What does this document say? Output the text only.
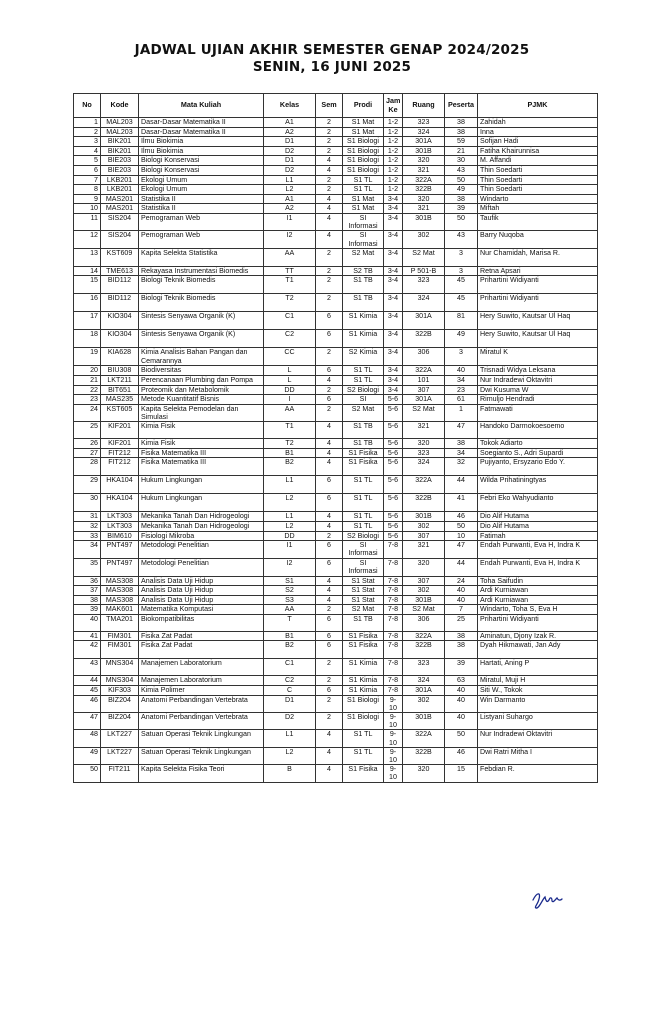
JADWAL UJIAN AKHIR SEMESTER GENAP 2024/2025
SENIN, 16 JUNI 2025
No	Kode	Mata Kuliah	Kelas	Sem	Prodi	Jam Ke	Ruang	Peserta	PJMK
1	MAL203	Dasar-Dasar Matematika II	A1	2	S1 Mat	1-2	323	38	Zahidah
2	MAL203	Dasar-Dasar Matematika II	A2	2	S1 Mat	1-2	324	38	Inna
3	BIK201	Ilmu Biokimia	D1	2	S1 Biologi	1-2	301A	59	Sofijan Hadi
4	BIK201	Ilmu Biokimia	D2	2	S1 Biologi	1-2	301B	21	Fatiha Khairunnisa
5	BIE203	Biologi Konservasi	D1	4	S1 Biologi	1-2	320	30	M. Affandi
6	BIE203	Biologi Konservasi	D2	4	S1 Biologi	1-2	321	43	Thin Soedarti
7	LKB201	Ekologi Umum	L1	2	S1 TL	1-2	322A	50	Thin Soedarti
8	LKB201	Ekologi Umum	L2	2	S1 TL	1-2	322B	49	Thin Soedarti
9	MAS201	Statistika II	A1	4	S1 Mat	3-4	320	38	Windarto
10	MAS201	Statistika II	A2	4	S1 Mat	3-4	321	39	Miftah
11	SIS204	Pemograman Web	I1	4	SI Informasi	3-4	301B	50	Taufik
12	SIS204	Pemograman Web	I2	4	SI Informasi	3-4	302	43	Barry Nuqoba
13	KST609	Kapita Selekta Statistika	AA	2	S2 Mat	3-4	S2 Mat	3	Nur Chamidah, Marisa R.
14	TME613	Rekayasa Instrumentasi Biomedis	TT	2	S2 TB	3-4	P 501-B	3	Retna Apsari
15	BID112	Biologi Teknik Biomedis	T1	2	S1 TB	3-4	323	45	Prihartini Widiyanti
16	BID112	Biologi Teknik Biomedis	T2	2	S1 TB	3-4	324	45	Prihartini Widiyanti
17	KIO304	Sintesis Senyawa Organik (K)	C1	6	S1 Kimia	3-4	301A	81	Hery Suwito, Kautsar Ul Haq
18	KIO304	Sintesis Senyawa Organik (K)	C2	6	S1 Kimia	3-4	322B	49	Hery Suwito, Kautsar Ul Haq
19	KIA628	Kimia Analisis Bahan Pangan dan Cemarannya	CC	2	S2 Kimia	3-4	306	3	Miratul K
20	BIU308	Biodiversitas	L	6	S1 TL	3-4	322A	40	Trisnadi Widya Leksana
21	LKT211	Perencanaan Plumbing dan Pompa	L	4	S1 TL	3-4	101	34	Nur Indradewi Oktavitri
22	BIT651	Proteomik dan Metabolomik	DD	2	S2 Biologi	3-4	307	23	Dwi Kusuma W
23	MAS235	Metode Kuantitatif Bisnis	I	6	SI	5-6	301A	61	Rimuljo Hendradi
24	KST605	Kapita Selekta Pemodelan dan Simulasi	AA	2	S2 Mat	5-6	S2 Mat	1	Fatmawati
25	KIF201	Kimia Fisik	T1	4	S1 TB	5-6	321	47	Handoko Darmokoesoemo
26	KIF201	Kimia Fisik	T2	4	S1 TB	5-6	320	38	Tokok Adiarto
27	FIT212	Fisika Matematika III	B1	4	S1 Fisika	5-6	323	34	Soegianto S., Adri Supardi
28	FIT212	Fisika Matematika III	B2	4	S1 Fisika	5-6	324	32	Pujiyanto, Ersyzario Edo Y.
29	HKA104	Hukum Lingkungan	L1	6	S1 TL	5-6	322A	44	Wilda Prihatiningtyas
30	HKA104	Hukum Lingkungan	L2	6	S1 TL	5-6	322B	41	Febri Eko Wahyudianto
31	LKT303	Mekanika Tanah Dan Hidrogeologi	L1	4	S1 TL	5-6	301B	46	Dio Alif Hutama
32	LKT303	Mekanika Tanah Dan Hidrogeologi	L2	4	S1 TL	5-6	302	50	Dio Alif Hutama
33	BIM610	Fisiologi Mikroba	DD	2	S2 Biologi	5-6	307	10	Fatimah
34	PNT497	Metodologi Penelitian	I1	6	SI Informasi	7-8	321	47	Endah Purwanti, Eva H, Indra K
35	PNT497	Metodologi Penelitian	I2	6	SI Informasi	7-8	320	44	Endah Purwanti, Eva H, Indra K
36	MAS308	Analisis Data Uji Hidup	S1	4	S1 Stat	7-8	307	24	Toha Saifudin
37	MAS308	Analisis Data Uji Hidup	S2	4	S1 Stat	7-8	302	40	Ardi Kurniawan
38	MAS308	Analisis Data Uji Hidup	S3	4	S1 Stat	7-8	301B	40	Ardi Kurniawan
39	MAK601	Matematika Komputasi	AA	2	S2 Mat	7-8	S2 Mat	7	Windarto, Toha S, Eva H
40	TMA201	Biokompatibilitas	T	6	S1 TB	7-8	306	25	Prihartini Widiyanti
41	FIM301	Fisika Zat Padat	B1	6	S1 Fisika	7-8	322A	38	Aminatun, Djony Izak R.
42	FIM301	Fisika Zat Padat	B2	6	S1 Fisika	7-8	322B	38	Dyah Hikmawati, Jan Ady
43	MNS304	Manajemen Laboratorium	C1	2	S1 Kimia	7-8	323	39	Hartati, Aning P
44	MNS304	Manajemen Laboratorium	C2	2	S1 Kimia	7-8	324	63	Miratul, Muji H
45	KIF303	Kimia Polimer	C	6	S1 Kimia	7-8	301A	40	Siti W., Tokok
46	BIZ204	Anatomi Perbandingan Vertebrata	D1	2	S1 Biologi	9-10	302	40	Win Darmanto
47	BIZ204	Anatomi Perbandingan Vertebrata	D2	2	S1 Biologi	9-10	301B	40	Listyani Suhargo
48	LKT227	Satuan Operasi Teknik Lingkungan	L1	4	S1 TL	9-10	322A	50	Nur Indradewi Oktavitri
49	LKT227	Satuan Operasi Teknik Lingkungan	L2	4	S1 TL	9-10	322B	46	Dwi Ratri Mitha I
50	FIT211	Kapita Selekta Fisika Teori	B	4	S1 Fisika	9-10	320	15	Febdian R.
